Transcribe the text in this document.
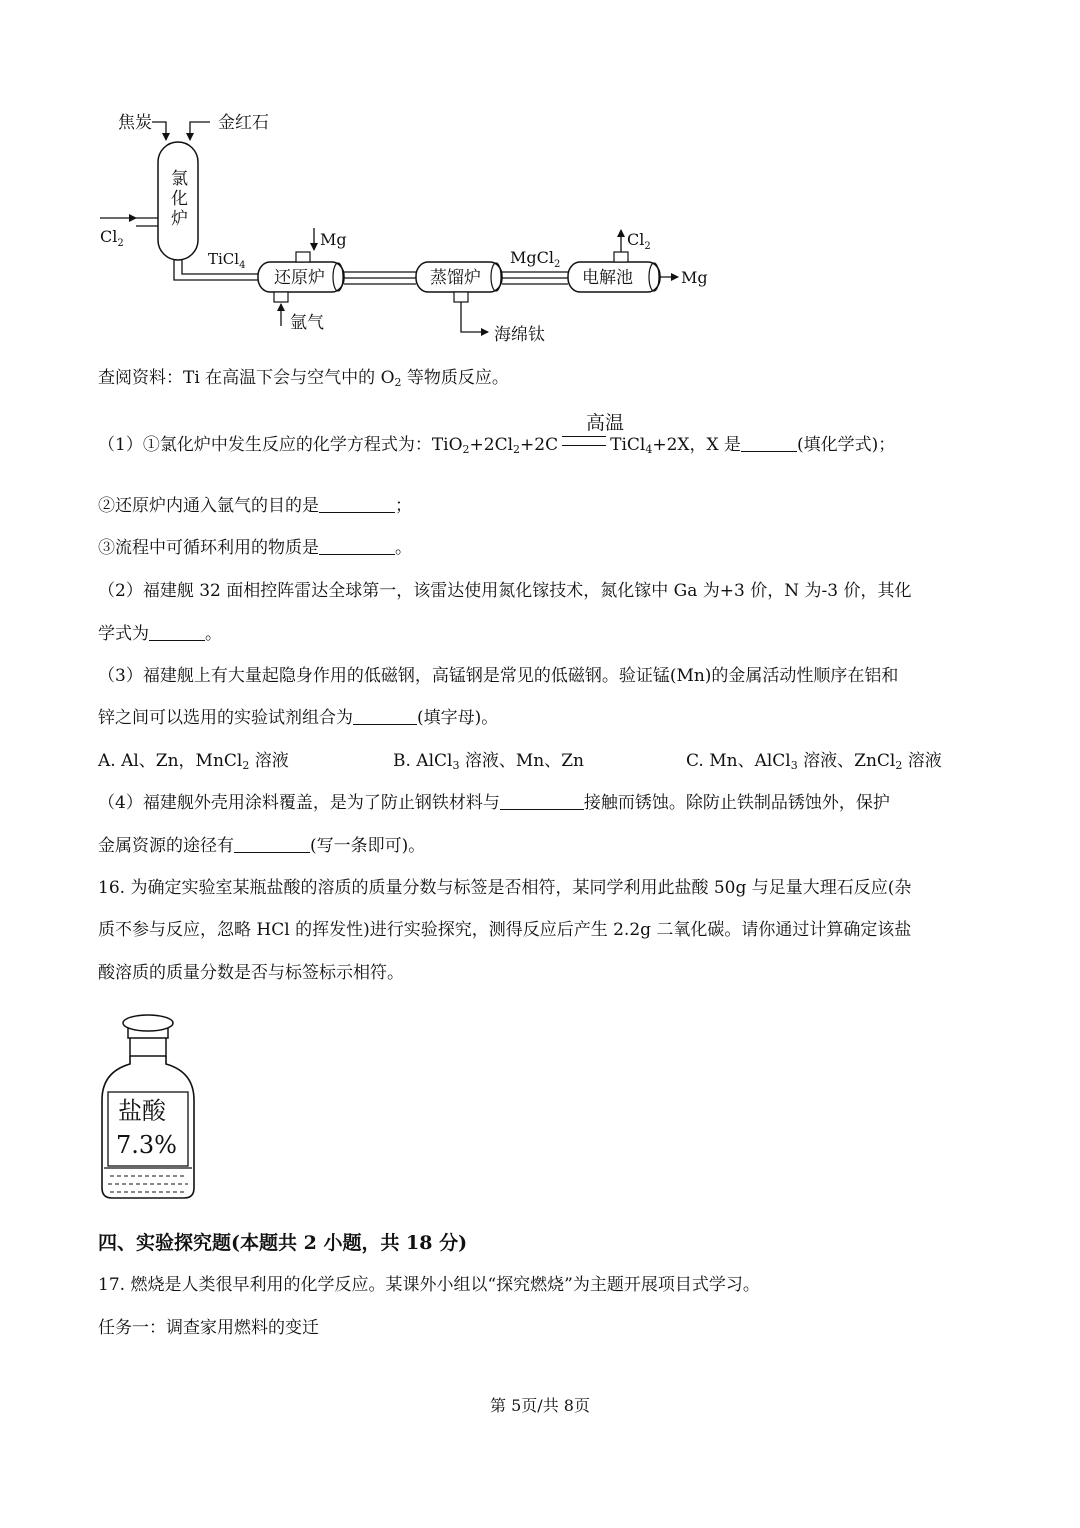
焦炭	金红石
氯
化
炉
$Cl_2$
TiCl$_4$
还原炉
Mg
氩气
蒸馏炉
海绵钛
MgCl$_2$
电解池
$Cl_2$
Mg
查阅资料：Ti 在高温下会与空气中的 $O_2$ 等物质反应。
高温
（1）①氯化炉中发生反应的化学方程式为：$TiO_2+2Cl_2+2C$	TiCl$_4$+2X，X 是	(填化学式)；
②还原炉内通入氩气的目的是	；
③流程中可循环利用的物质是	。
（2）福建舰 32 面相控阵雷达全球第一，该雷达使用氮化镓技术，氮化镓中 Ga 为+3 价，N 为-3 价，其化
学式为	。
（3）福建舰上有大量起隐身作用的低磁钢，高锰钢是常见的低磁钢。验证锰(Mn)的金属活动性顺序在铝和
锌之间可以选用的实验试剂组合为	(填字母)。
A. Al、Zn，MnCl$_2$ 溶液	B. AlCl$_3$ 溶液、Mn、Zn	C. Mn、AlCl$_3$ 溶液、ZnCl$_2$ 溶液
（4）福建舰外壳用涂料覆盖，是为了防止钢铁材料与	接触而锈蚀。除防止铁制品锈蚀外，保护
金属资源的途径有	(写一条即可)。
16. 为确定实验室某瓶盐酸的溶质的质量分数与标签是否相符，某同学利用此盐酸 50g 与足量大理石反应(杂
质不参与反应，忽略 HCl 的挥发性)进行实验探究，测得反应后产生 2.2g 二氧化碳。请你通过计算确定该盐
酸溶质的质量分数是否与标签标示相符。
盐酸
7.3%
四、实验探究题(本题共 2 小题，共 18 分)
17. 燃烧是人类很早利用的化学反应。某课外小组以“探究燃烧”为主题开展项目式学习。
任务一：调查家用燃料的变迁
第 5页/共 8页
